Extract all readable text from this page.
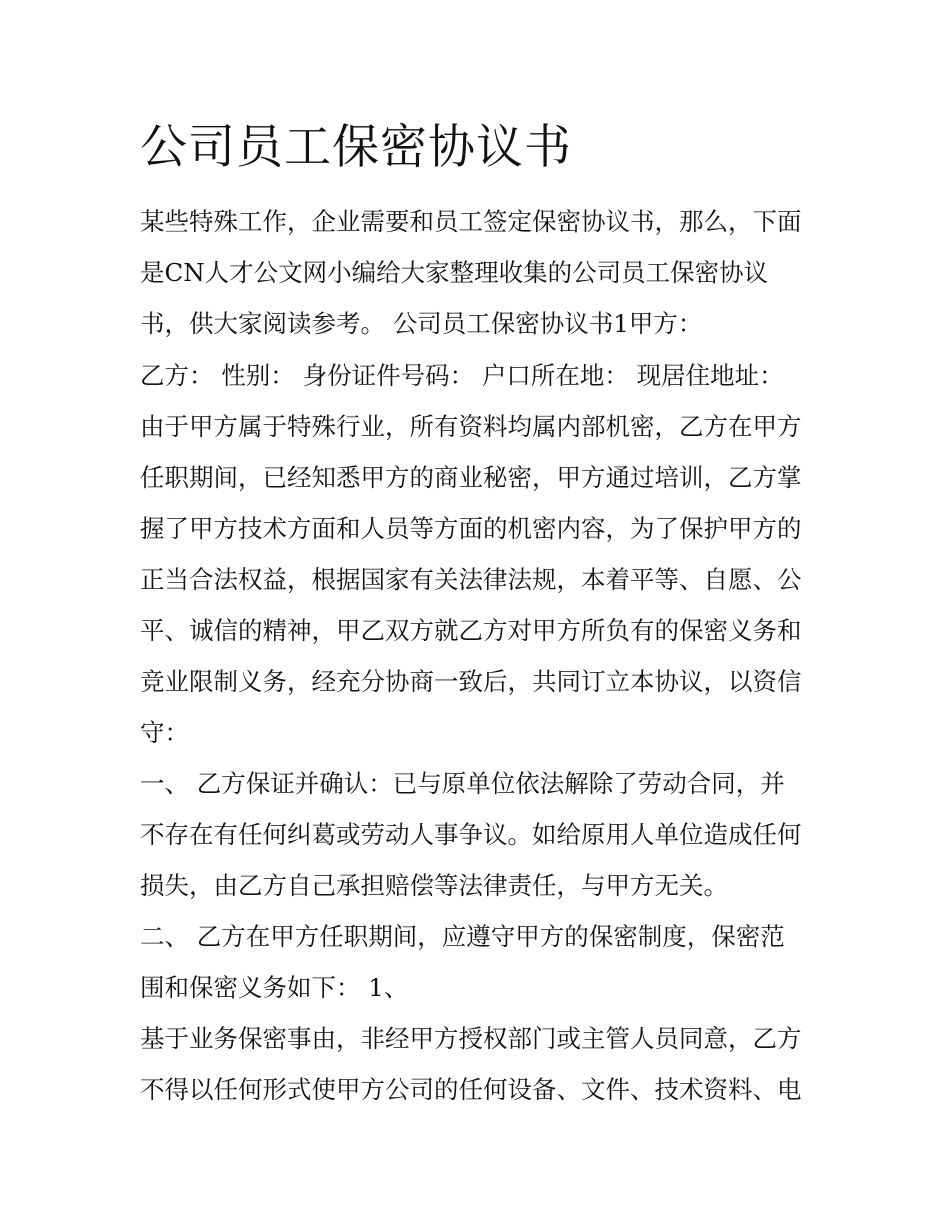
公司员工保密协议书

某些特殊工作，企业需要和员工签定保密协议书，那么，下面

是CN人才公文网小编给大家整理收集的公司员工保密协议

书，供大家阅读参考。 公司员工保密协议书1甲方：

乙方： 性别： 身份证件号码： 户口所在地： 现居住地址：

由于甲方属于特殊行业，所有资料均属内部机密，乙方在甲方

任职期间，已经知悉甲方的商业秘密，甲方通过培训，乙方掌

握了甲方技术方面和人员等方面的机密内容，为了保护甲方的

正当合法权益，根据国家有关法律法规，本着平等、自愿、公

平、诚信的精神，甲乙双方就乙方对甲方所负有的保密义务和

竞业限制义务，经充分协商一致后，共同订立本协议，以资信

守：

一、 乙方保证并确认：已与原单位依法解除了劳动合同，并

不存在有任何纠葛或劳动人事争议。如给原用人单位造成任何

损失，由乙方自己承担赔偿等法律责任，与甲方无关。

二、 乙方在甲方任职期间，应遵守甲方的保密制度，保密范

围和保密义务如下： 1、

基于业务保密事由，非经甲方授权部门或主管人员同意，乙方

不得以任何形式使甲方公司的任何设备、文件、技术资料、电
